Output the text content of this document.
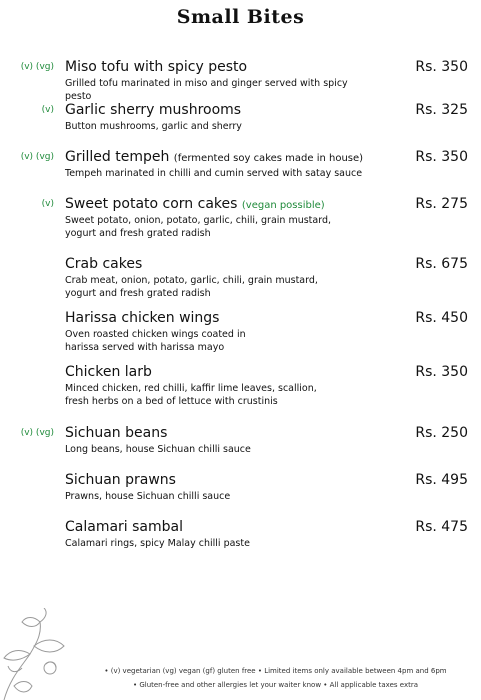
Small Bites
(v) (vg) Miso tofu with spicy pesto	Rs. 350
Grilled tofu marinated in miso and ginger served with spicy pesto
(v) Garlic sherry mushrooms	Rs. 325
Button mushrooms, garlic and sherry
(v) (vg) Grilled tempeh (fermented soy cakes made in house)	Rs. 350
Tempeh marinated in chilli and cumin served with satay sauce
(v) Sweet potato corn cakes (vegan possible)	Rs. 275
Sweet potato, onion, potato, garlic, chili, grain mustard,
yogurt and fresh grated radish
Crab cakes	Rs. 675
Crab meat, onion, potato, garlic, chili, grain mustard,
yogurt and fresh grated radish
Harissa chicken wings	Rs. 450
Oven roasted chicken wings coated in
harissa served with harissa mayo
Chicken larb	Rs. 350
Minced chicken, red chilli, kaffir lime leaves, scallion,
fresh herbs on a bed of lettuce with crustinis
(v) (vg) Sichuan beans	Rs. 250
Long beans, house Sichuan chilli sauce
Sichuan prawns	Rs. 495
Prawns, house Sichuan chilli sauce
Calamari sambal	Rs. 475
Calamari rings, spicy Malay chilli paste
• (v) vegetarian (vg) vegan (gf) gluten free • Limited items only available between 4pm and 6pm
• Gluten-free and other allergies let your waiter know • All applicable taxes extra
